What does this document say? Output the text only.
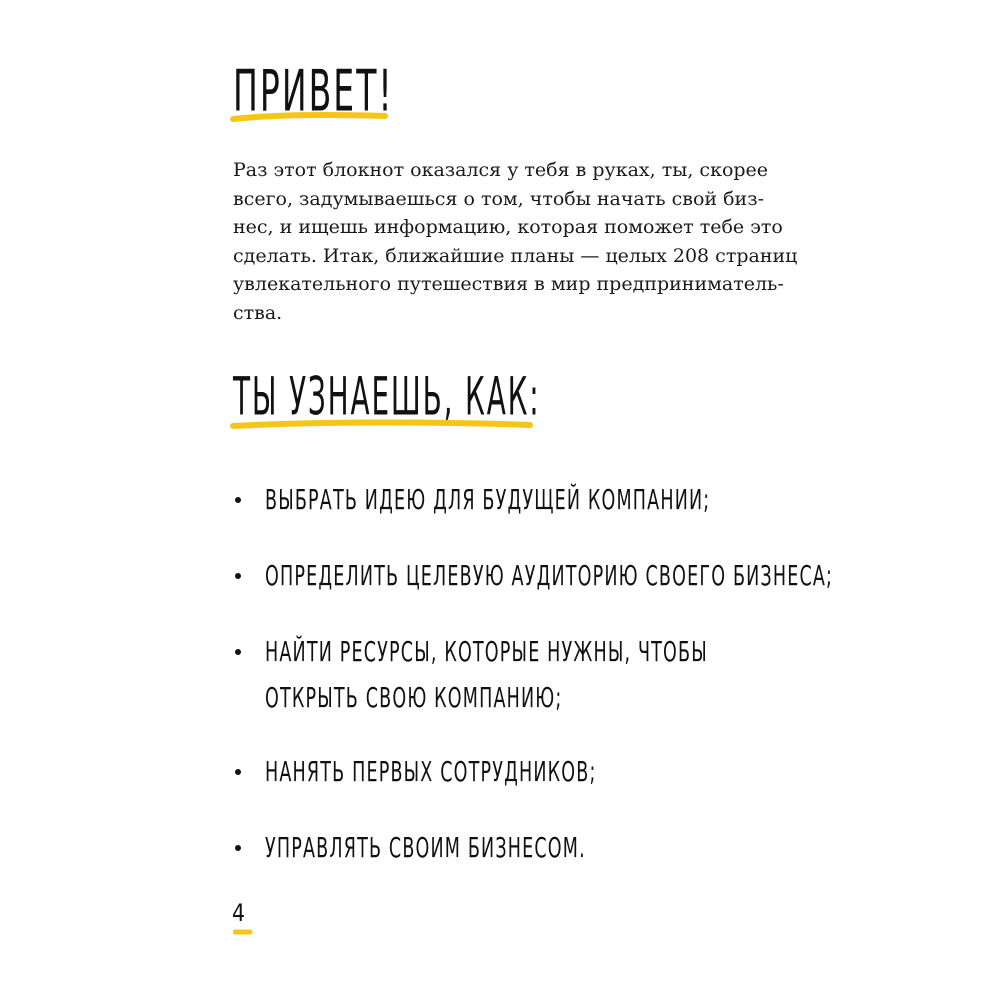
ПРИВЕТ!
Раз этот блокнот оказался у тебя в руках, ты, скорее
всего, задумываешься о том, чтобы начать свой биз-
нес, и ищешь информацию, которая поможет тебе это
сделать. Итак, ближайшие планы — целых 208 страниц
увлекательного путешествия в мир предприниматель-
ства.
ТЫ УЗНАЕШЬ, КАК:
ВЫБРАТЬ ИДЕЮ ДЛЯ БУДУЩЕЙ КОМПАНИИ;
ОПРЕДЕЛИТЬ ЦЕЛЕВУЮ АУДИТОРИЮ СВОЕГО БИЗНЕСА;
НАЙТИ РЕСУРСЫ, КОТОРЫЕ НУЖНЫ, ЧТОБЫ
ОТКРЫТЬ СВОЮ КОМПАНИЮ;
НАНЯТЬ ПЕРВЫХ СОТРУДНИКОВ;
УПРАВЛЯТЬ СВОИМ БИЗНЕСОМ.
4
